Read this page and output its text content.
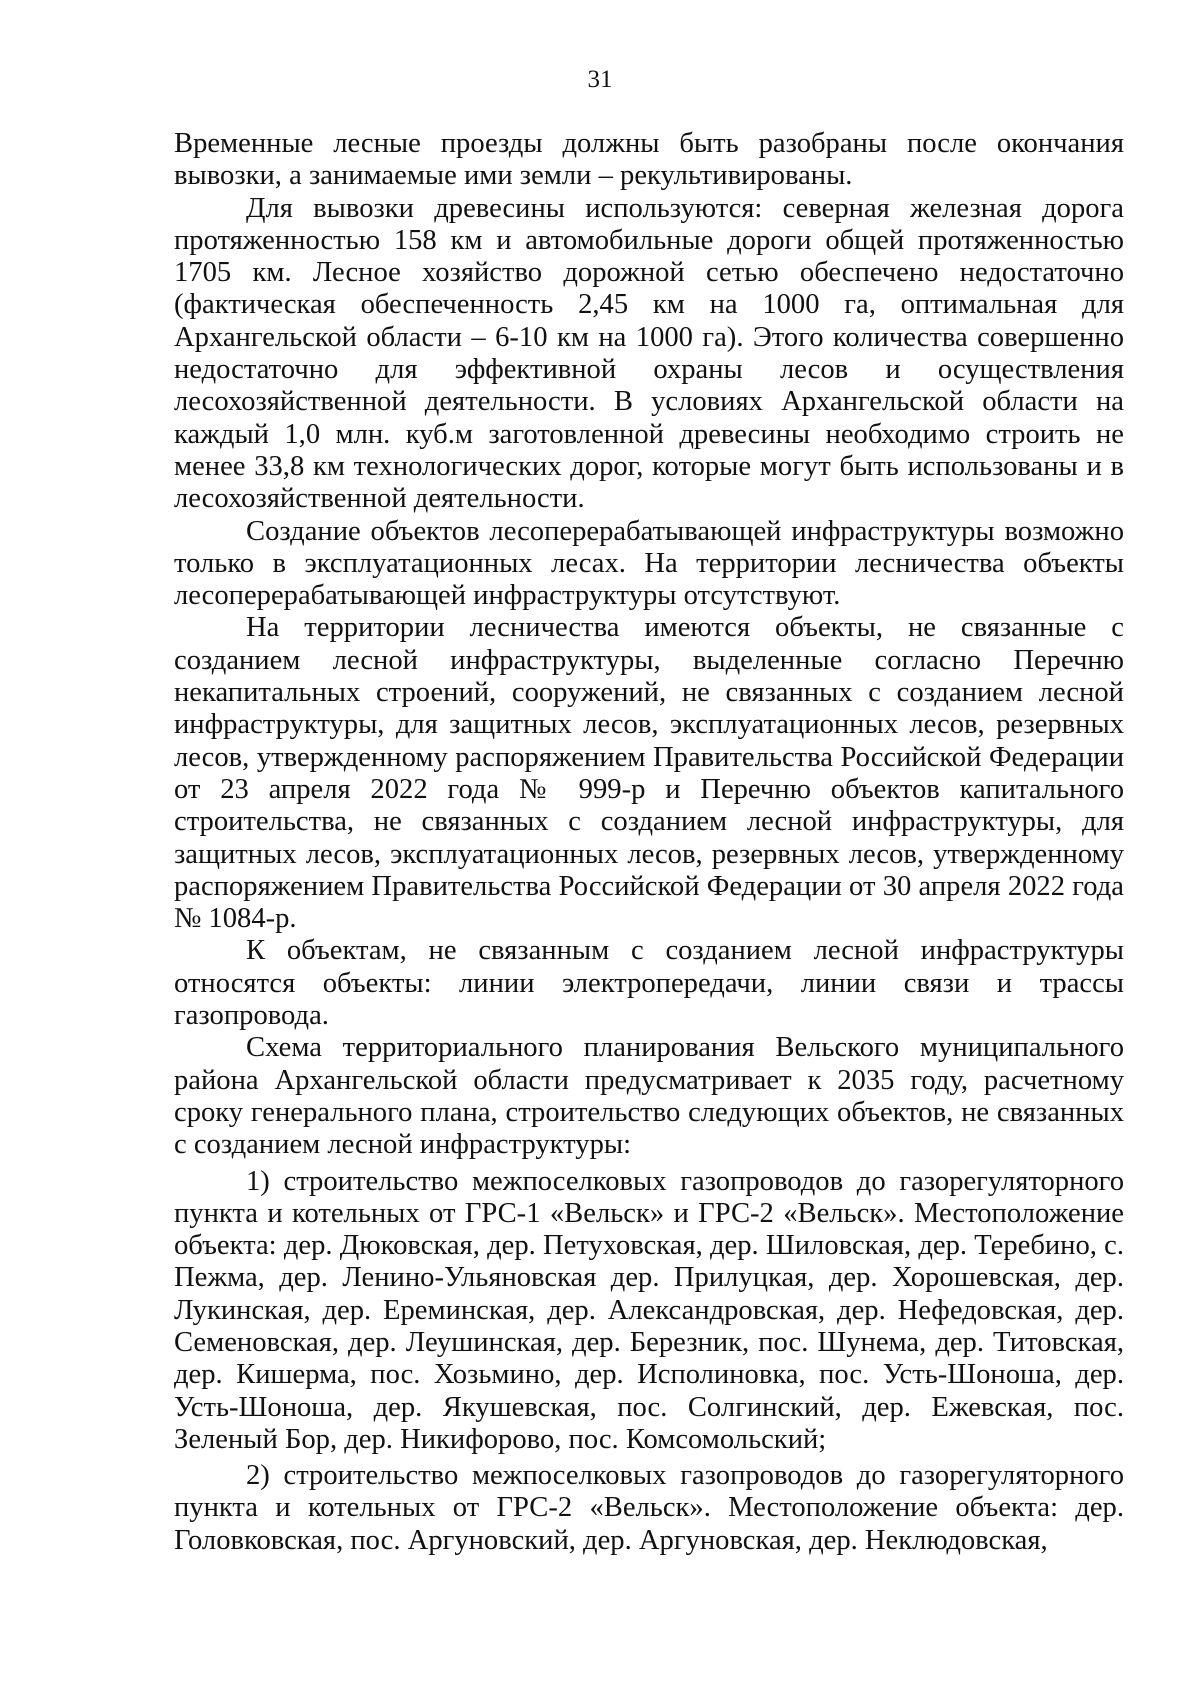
31

Временные лесные проезды должны быть разобраны после окончания вывозки, а занимаемые ими земли – рекультивированы.

Для вывозки древесины используются: северная железная дорога протяженностью 158 км и автомобильные дороги общей протяженностью 1705 км. Лесное хозяйство дорожной сетью обеспечено недостаточно (фактическая обеспеченность 2,45 км на 1000 га, оптимальная для Архангельской области – 6-10 км на 1000 га). Этого количества совершенно недостаточно для эффективной охраны лесов и осуществления лесохозяйственной деятельности. В условиях Архангельской области на каждый 1,0 млн. куб.м заготовленной древесины необходимо строить не менее 33,8 км технологических дорог, которые могут быть использованы и в лесохозяйственной деятельности.

Создание объектов лесоперерабатывающей инфраструктуры возможно только в эксплуатационных лесах. На территории лесничества объекты лесоперерабатывающей инфраструктуры отсутствуют.

На территории лесничества имеются объекты, не связанные с созданием лесной инфраструктуры, выделенные согласно Перечню некапитальных строений, сооружений, не связанных с созданием лесной инфраструктуры, для защитных лесов, эксплуатационных лесов, резервных лесов, утвержденному распоряжением Правительства Российской Федерации от 23 апреля 2022 года № 999-р и Перечню объектов капитального строительства, не связанных с созданием лесной инфраструктуры, для защитных лесов, эксплуатационных лесов, резервных лесов, утвержденному распоряжением Правительства Российской Федерации от 30 апреля 2022 года № 1084-р.

К объектам, не связанным с созданием лесной инфраструктуры относятся объекты: линии электропередачи, линии связи и трассы газопровода.

Схема территориального планирования Вельского муниципального района Архангельской области предусматривает к 2035 году, расчетному сроку генерального плана, строительство следующих объектов, не связанных с созданием лесной инфраструктуры:

1) строительство межпоселковых газопроводов до газорегуляторного пункта и котельных от ГРС-1 «Вельск» и ГРС-2 «Вельск». Местоположение объекта: дер. Дюковская, дер. Петуховская, дер. Шиловская, дер. Теребино, с. Пежма, дер. Ленино-Ульяновская дер. Прилуцкая, дер. Хорошевская, дер. Лукинская, дер. Ереминская, дер. Александровская, дер. Нефедовская, дер. Семеновская, дер. Леушинская, дер. Березник, пос. Шунема, дер. Титовская, дер. Кишерма, пос. Хозьмино, дер. Исполиновка, пос. Усть-Шоноша, дер. Усть-Шоноша, дер. Якушевская, пос. Солгинский, дер. Ежевская, пос. Зеленый Бор, дер. Никифорово, пос. Комсомольский;

2) строительство межпоселковых газопроводов до газорегуляторного пункта и котельных от ГРС-2 «Вельск». Местоположение объекта: дер. Головковская, пос. Аргуновский, дер. Аргуновская, дер. Неклюдовская,
